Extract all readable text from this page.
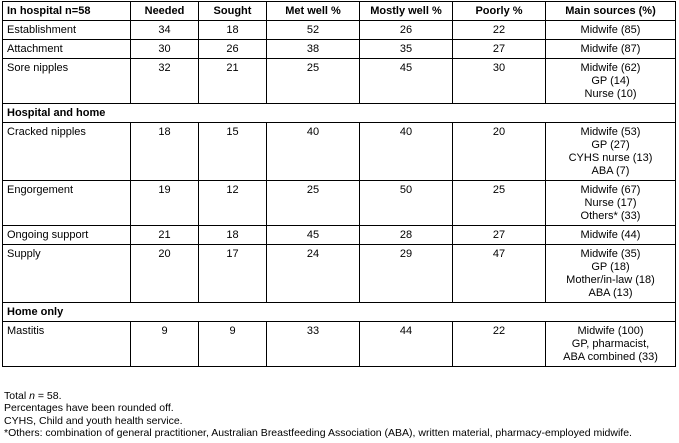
In hospital n=58	Needed	Sought	Met well %	Mostly well %	Poorly %	Main sources (%)
Establishment	34	18	52	26	22	Midwife (85)

Attachment	30	26	38	35	27	Midwife (87)

Sore nipples	32	21	25	45	30	Midwife (62)
GP (14)
Nurse (10)

Hospital and home						
Cracked nipples	18	15	40	40	20	Midwife (53)
GP (27)
CYHS nurse (13)
ABA (7)

Engorgement	19	12	25	50	25	Midwife (67)
Nurse (17)
Others* (33)

Ongoing support	21	18	45	28	27	Midwife (44)

Supply	20	17	24	29	47	Midwife (35)
GP (18)
Mother/in-law (18)
ABA (13)

Home only						
Mastitis	9	9	33	44	22	Midwife (100)
GP, pharmacist,
ABA combined (33)
Total n = 58.
Percentages have been rounded off.
CYHS, Child and youth health service.
*Others: combination of general practitioner, Australian Breastfeeding Association (ABA), written material, pharmacy-employed midwife.
